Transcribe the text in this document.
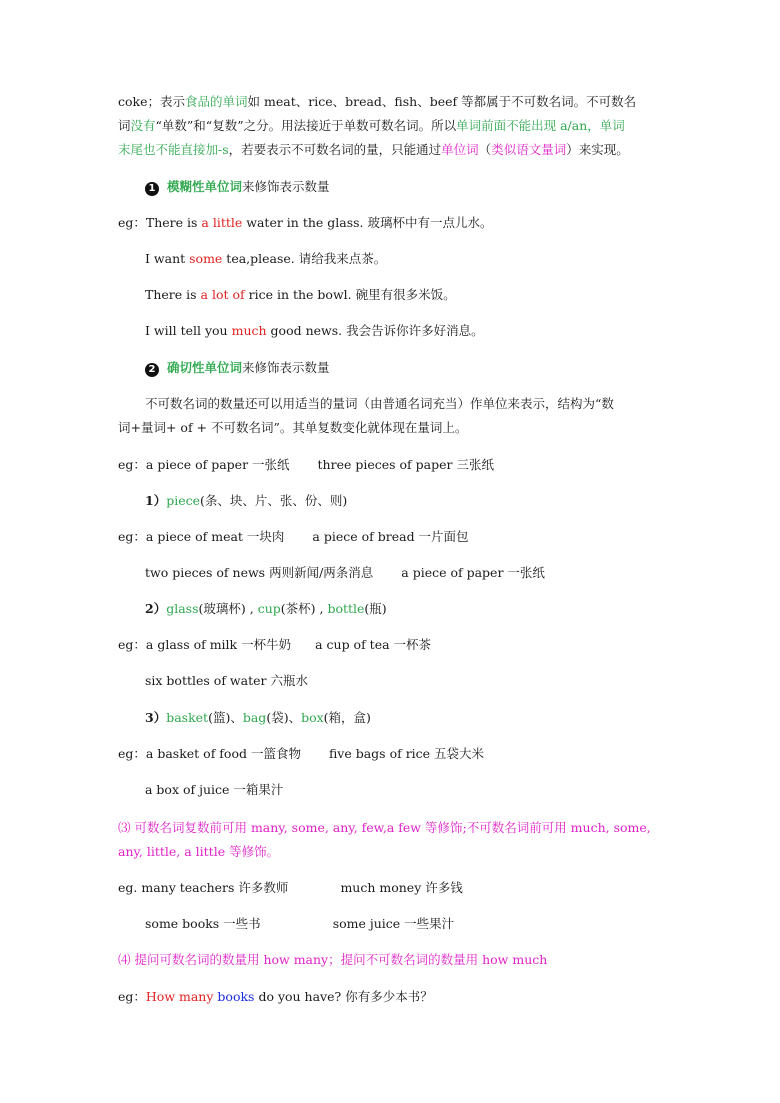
coke；表示食品的单词如 meat、rice、bread、fish、beef 等都属于不可数名词。不可数名
词没有“单数”和“复数”之分。用法接近于单数可数名词。所以单词前面不能出现 a/an，单词
末尾也不能直接加-s，若要表示不可数名词的量，只能通过单位词（类似语文量词）来实现。
1 模糊性单位词来修饰表示数量
eg：There is a little water in the glass. 玻璃杯中有一点儿水。
I want some tea,please. 请给我来点茶。
There is a lot of rice in the bowl. 碗里有很多米饭。
I will tell you much good news. 我会告诉你许多好消息。
2 确切性单位词来修饰表示数量
不可数名词的数量还可以用适当的量词（由普通名词充当）作单位来表示，结构为“数
词+量词+ of + 不可数名词”。其单复数变化就体现在量词上。
eg：a piece of paper 一张纸 three pieces of paper 三张纸
1）piece(条、块、片、张、份、则)
eg：a piece of meat 一块肉 a piece of bread 一片面包
two pieces of news 两则新闻/两条消息 a piece of paper 一张纸
2）glass(玻璃杯) , cup(茶杯) , bottle(瓶)
eg：a glass of milk 一杯牛奶 a cup of tea 一杯茶
six bottles of water 六瓶水
3）basket(篮)、bag(袋)、box(箱，盒)
eg：a basket of food 一篮食物 five bags of rice 五袋大米
a box of juice 一箱果汁
⑶ 可数名词复数前可用 many, some, any, few,a few 等修饰;不可数名词前可用 much, some,
any, little, a little 等修饰。
eg. many teachers 许多教师	much money 许多钱
some books 一些书	some juice 一些果汁
⑷ 提问可数名词的数量用 how many；提问不可数名词的数量用 how much
eg：How many books do you have? 你有多少本书？
